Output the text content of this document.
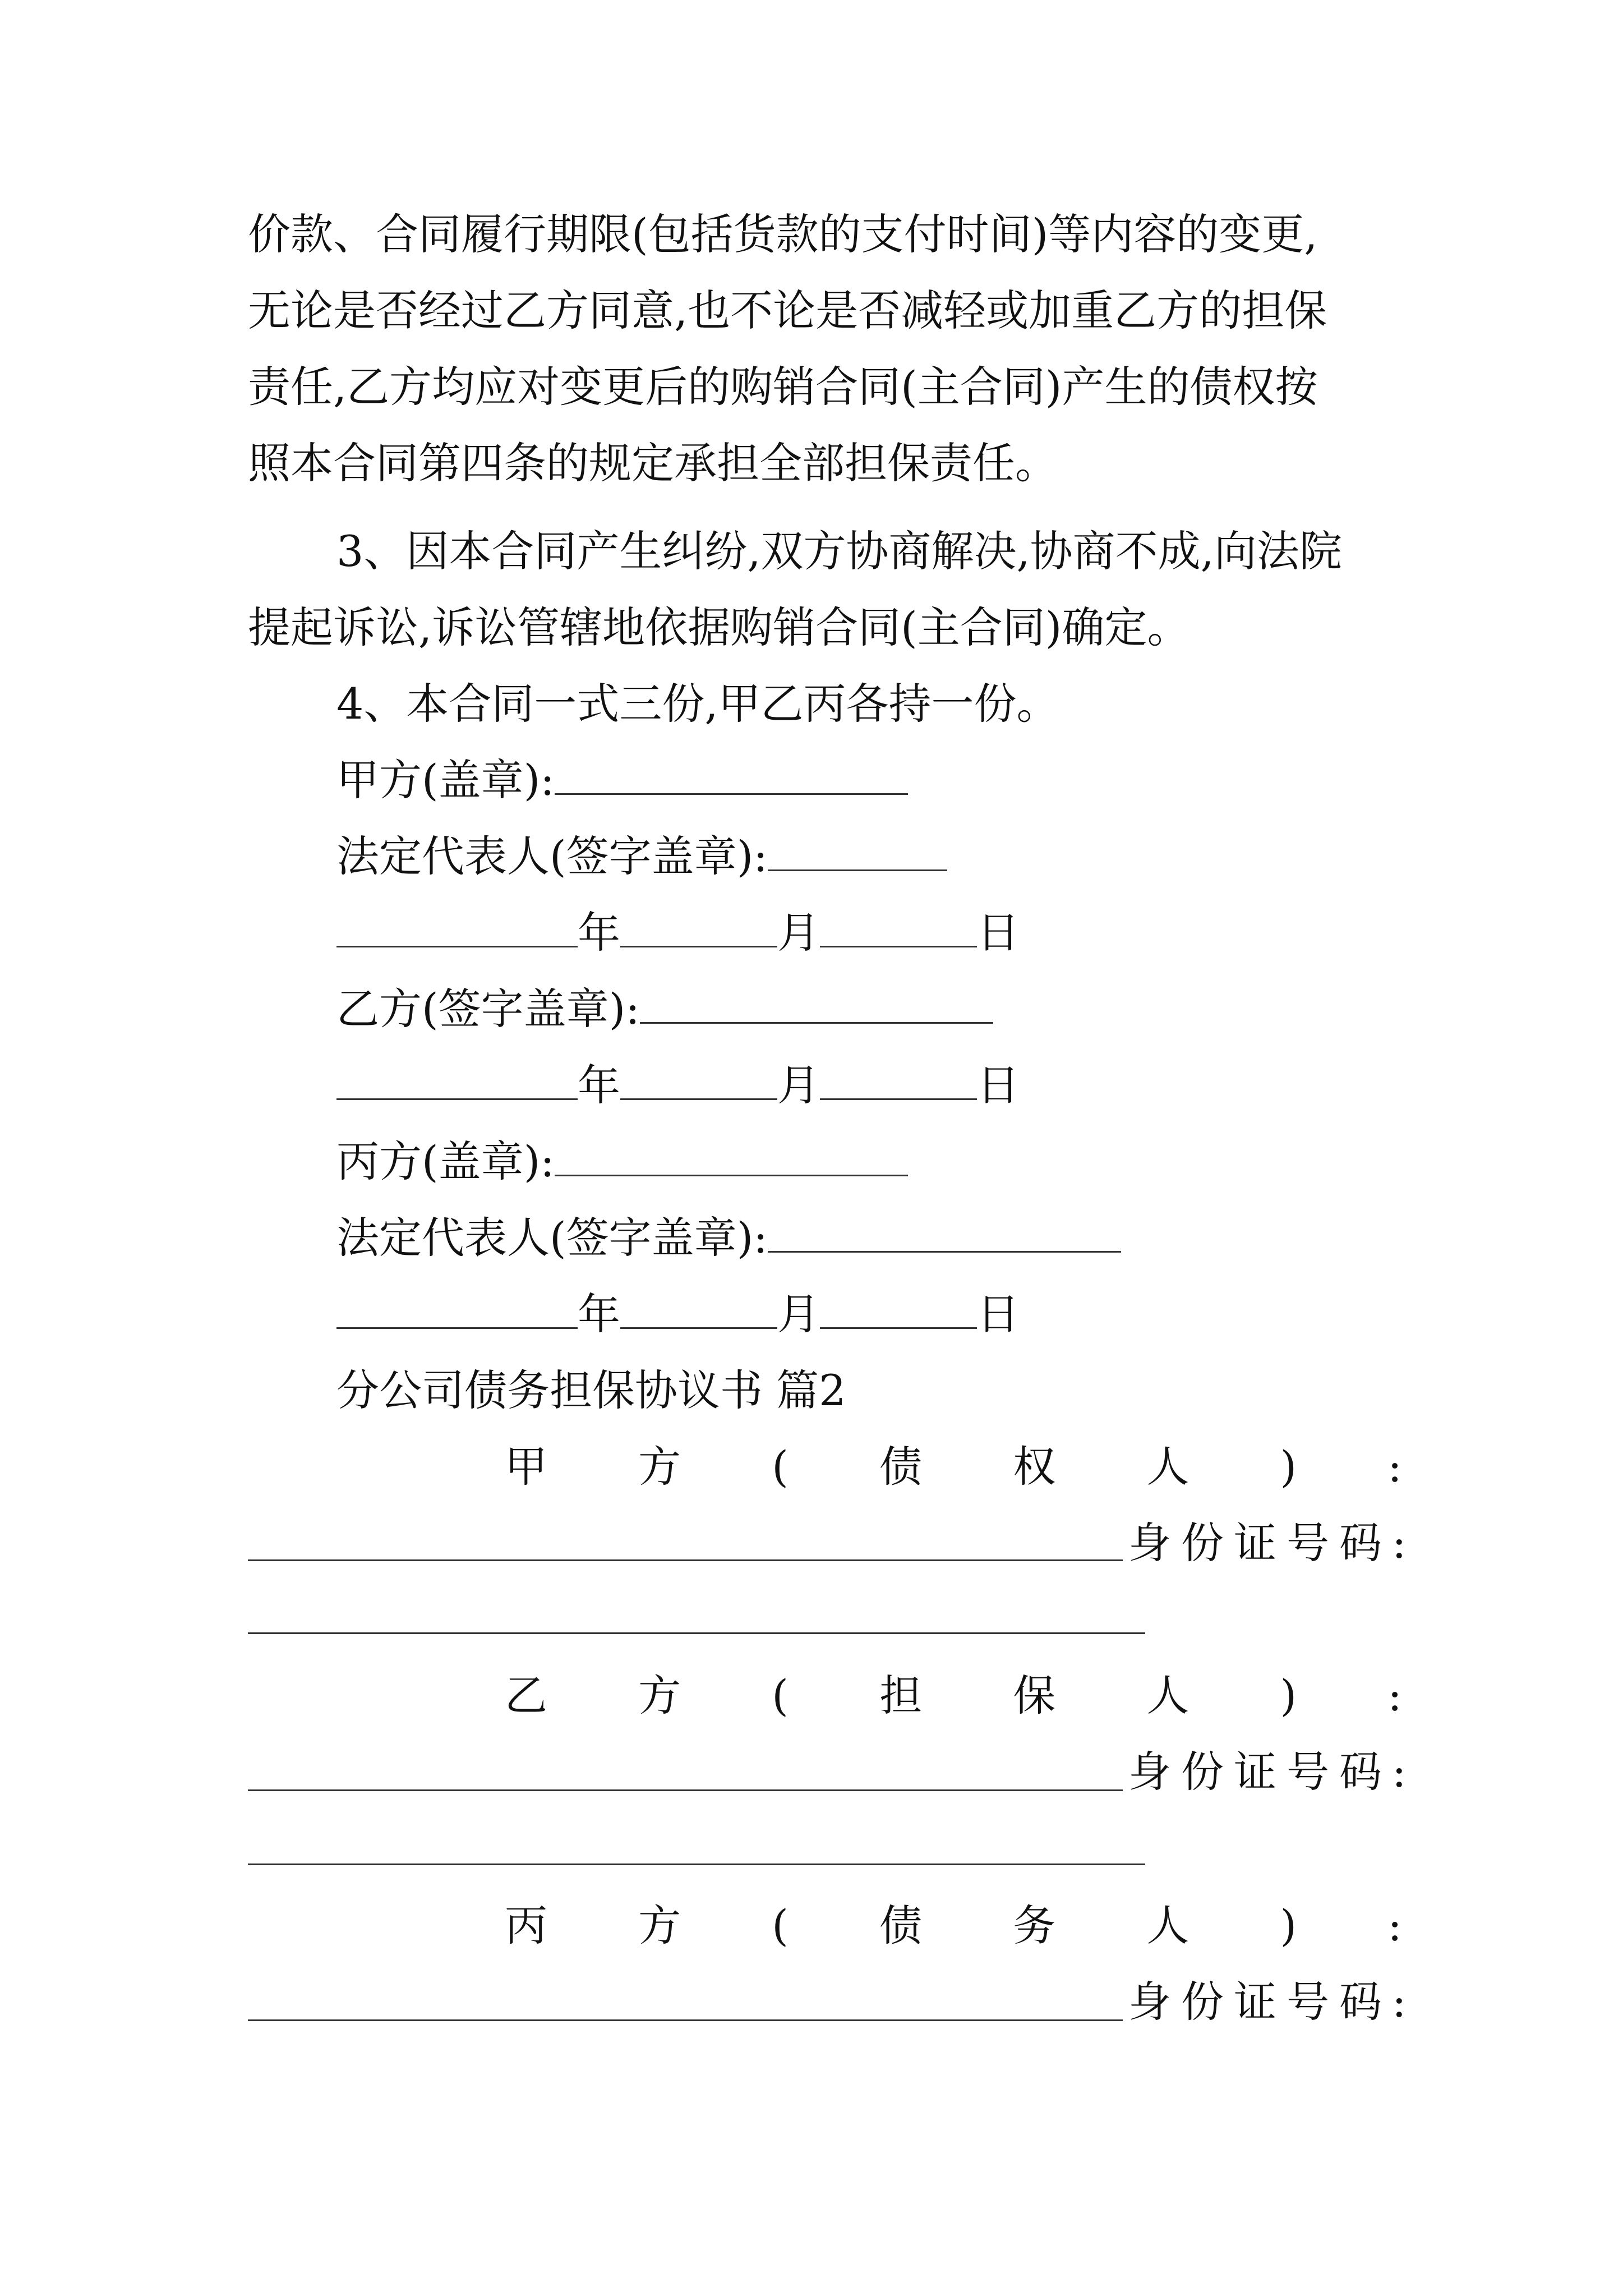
价款、合同履行期限(包括货款的支付时间)等内容的变更,
无论是否经过乙方同意,也不论是否减轻或加重乙方的担保
责任,乙方均应对变更后的购销合同(主合同)产生的债权按
照本合同第四条的规定承担全部担保责任。
3、因本合同产生纠纷,双方协商解决,协商不成,向法院
提起诉讼,诉讼管辖地依据购销合同(主合同)确定。
4、本合同一式三份,甲乙丙各持一份。
甲方(盖章):
法定代表人(签字盖章):
年	月	日
乙方(签字盖章):
年	月	日
丙方(盖章):
法定代表人(签字盖章):
年	月	日
分公司债务担保协议书 篇2
甲 方 ( 债 权 人 ) :
身份证号码:
乙 方 ( 担 保 人 ) :
身份证号码:
丙 方 ( 债 务 人 ) :
身份证号码:
